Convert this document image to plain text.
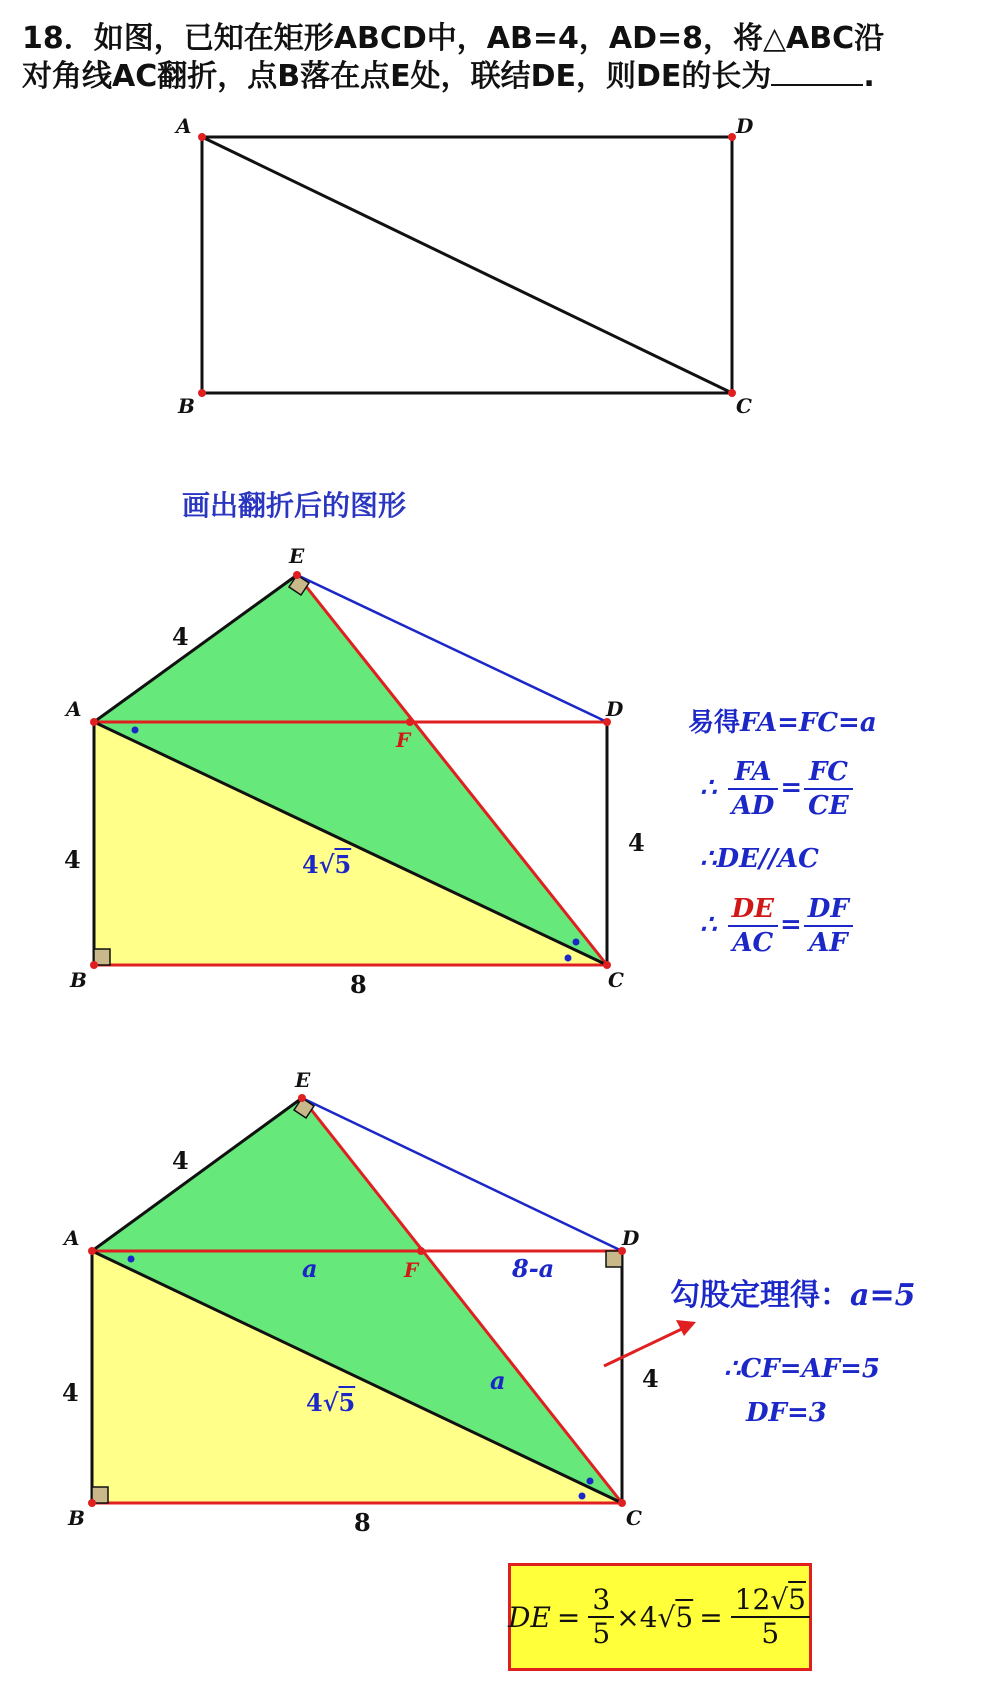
18．如图，已知在矩形ABCD中，AB=4，AD=8，将△ABC沿
对角线AC翻折，点B落在点E处，联结DE，则DE的长为	.
A	D
B	C
画出翻折后的图形
E
A
F
D
B	C
4
4
8
4
4√5
易得FA=FC=a
∴ $\frac{FA}{AD} = \frac{FC}{CE}$
∴DE//AC
∴ $\frac{DE}{AC} = \frac{DF}{AF}$
E
A
F
D
B	C
4
4
8
4
a	8-a
a
4√5
勾股定理得：a=5
∴CF=AF=5
DF=3
DE = $\frac{3}{5} \times 4$ √ $5 = \frac{12√5}{5}$
